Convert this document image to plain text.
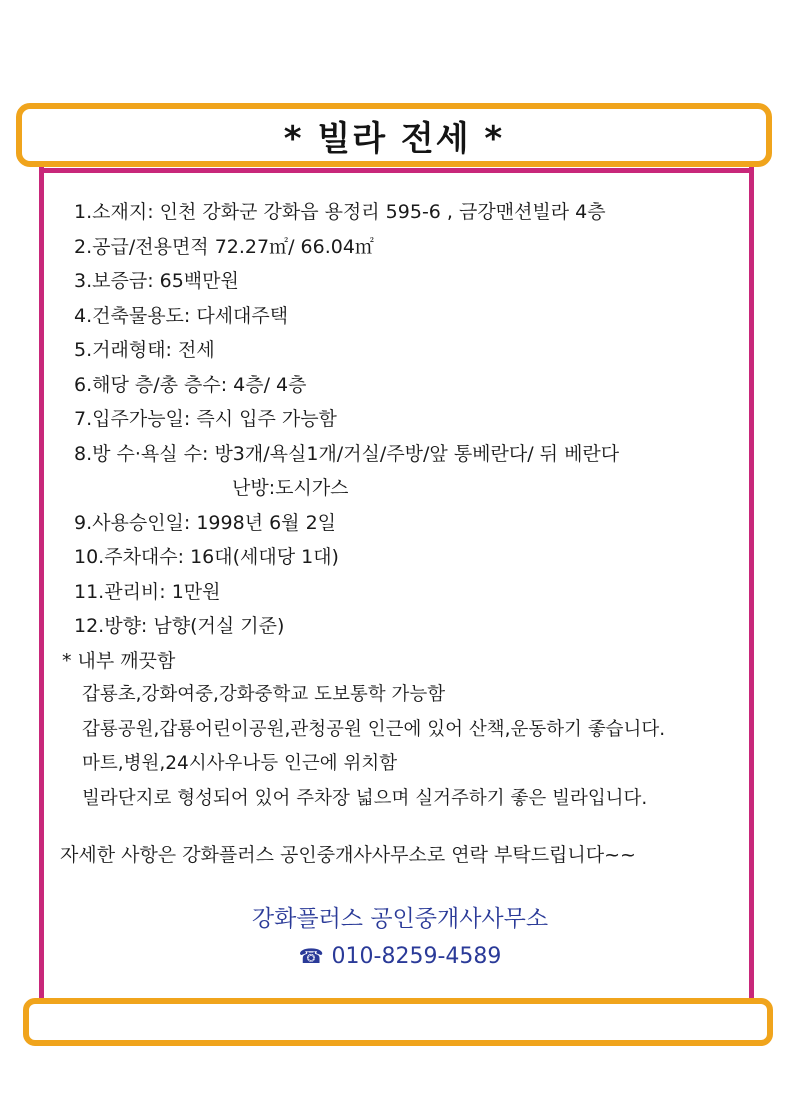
* 빌라 전세 *
1.소재지: 인천 강화군 강화읍 용정리 595-6 , 금강맨션빌라 4층
2.공급/전용면적 72.27㎡/ 66.04㎡
3.보증금: 65백만원
4.건축물용도: 다세대주택
5.거래형태: 전세
6.해당 층/총 층수: 4층/ 4층
7.입주가능일: 즉시 입주 가능함
8.방 수·욕실 수: 방3개/욕실1개/거실/주방/앞 통베란다/ 뒤 베란다
난방:도시가스
9.사용승인일: 1998년 6월 2일
10.주차대수: 16대(세대당 1대)
11.관리비: 1만원
12.방향: 남향(거실 기준)
* 내부 깨끗함
갑룡초,강화여중,강화중학교 도보통학 가능함
갑룡공원,갑룡어린이공원,관청공원 인근에 있어 산책,운동하기 좋습니다.
마트,병원,24시사우나등 인근에 위치함
빌라단지로 형성되어 있어 주차장 넓으며 실거주하기 좋은 빌라입니다.
자세한 사항은 강화플러스 공인중개사사무소로 연락 부탁드립니다~~
강화플러스 공인중개사사무소
☎ 010-8259-4589
